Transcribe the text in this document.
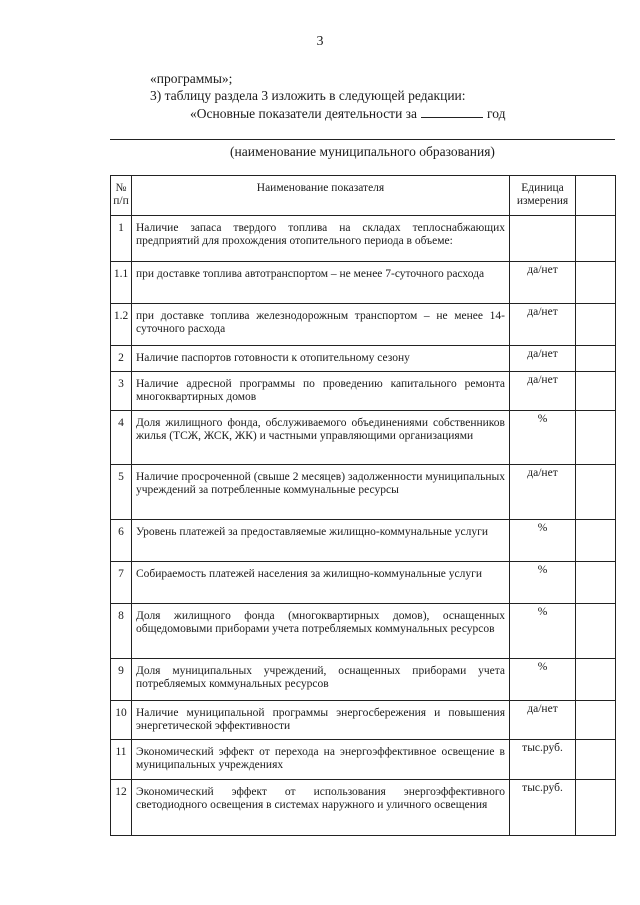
3
«программы»;
3) таблицу раздела 3 изложить в следующей редакции:
«Основные показатели деятельности за	год
(наименование муниципального образования)
№ п/п	Наименование показателя	Единица измерения	
1	Наличие запаса твердого топлива на складах теплоснабжающих предприятий для прохождения отопительного периода в объеме:		
1.1	при доставке топлива автотранспортом – не менее 7-суточного расхода	да/нет	
1.2	при доставке топлива железнодорожным транспортом – не менее 14-суточного расхода	да/нет	
2	Наличие паспортов готовности к отопительному сезону	да/нет	
3	Наличие адресной программы по проведению капитального ремонта многоквартирных домов	да/нет	
4	Доля жилищного фонда, обслуживаемого объединениями собственников жилья (ТСЖ, ЖСК, ЖК) и частными управляющими организациями	%	
5	Наличие просроченной (свыше 2 месяцев) задолженности муниципальных учреждений за потребленные коммунальные ресурсы	да/нет	
6	Уровень платежей за предоставляемые жилищно-коммунальные услуги	%	
7	Собираемость платежей населения за жилищно-коммунальные услуги	%	
8	Доля жилищного фонда (многоквартирных домов), оснащенных общедомовыми приборами учета потребляемых коммунальных ресурсов	%	
9	Доля муниципальных учреждений, оснащенных приборами учета потребляемых коммунальных ресурсов	%	
10	Наличие муниципальной программы энергосбережения и повышения энергетической эффективности	да/нет	
11	Экономический эффект от перехода на энергоэффективное освещение в муниципальных учреждениях	тыс.руб.	
12	Экономический эффект от использования энергоэффективного светодиодного освещения в системах наружного и уличного освещения	тыс.руб.	
